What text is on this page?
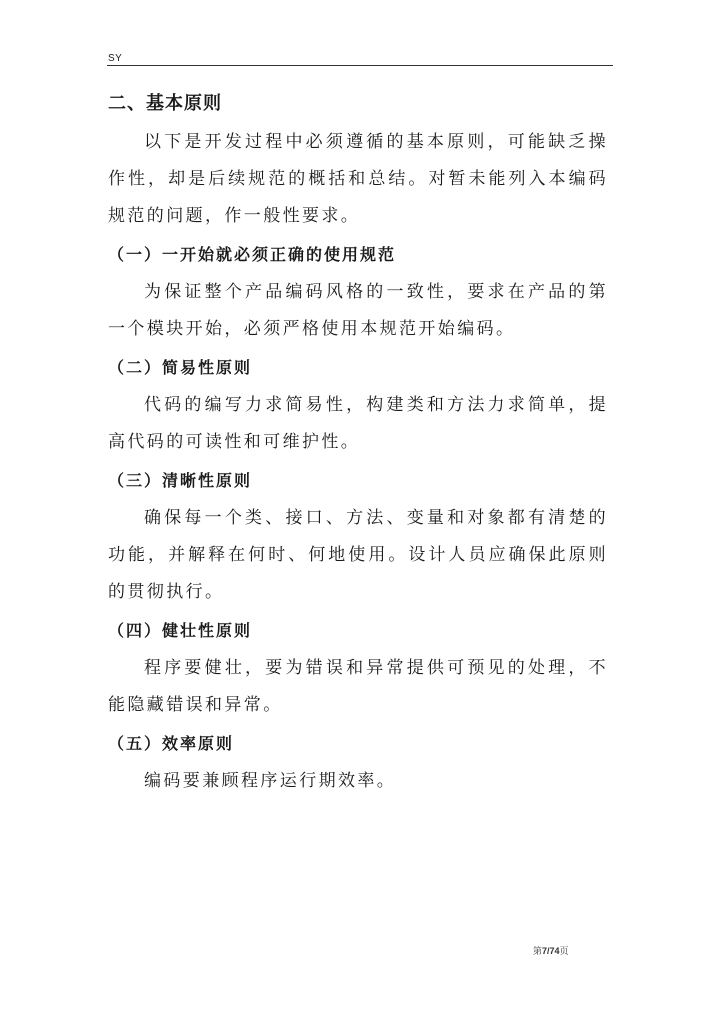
SY
二、基本原则

以下是开发过程中必须遵循的基本原则，可能缺乏操作性，却是后续规范的概括和总结。对暂未能列入本编码规范的问题，作一般性要求。

（一）一开始就必须正确的使用规范

为保证整个产品编码风格的一致性，要求在产品的第一个模块开始，必须严格使用本规范开始编码。

（二）简易性原则

代码的编写力求简易性，构建类和方法力求简单，提高代码的可读性和可维护性。

（三）清晰性原则

确保每一个类、接口、方法、变量和对象都有清楚的功能，并解释在何时、何地使用。设计人员应确保此原则的贯彻执行。

（四）健壮性原则

程序要健壮，要为错误和异常提供可预见的处理，不能隐藏错误和异常。

（五）效率原则

编码要兼顾程序运行期效率。

第7/74页
